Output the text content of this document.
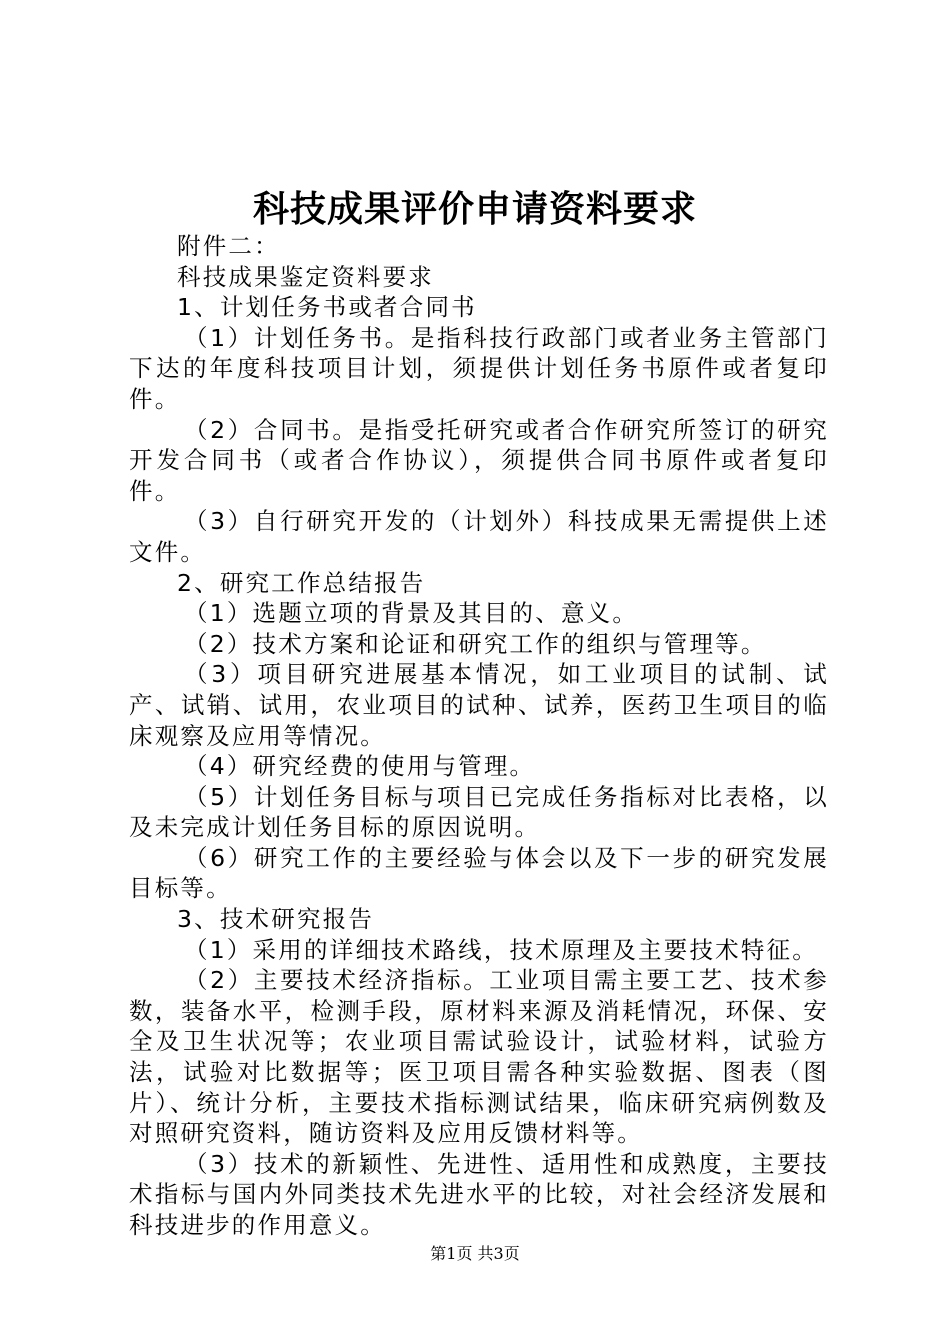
科技成果评价申请资料要求

附件二：

科技成果鉴定资料要求

1、计划任务书或者合同书

（1）计划任务书。是指科技行政部门或者业务主管部门下达的年度科技项目计划，须提供计划任务书原件或者复印件。

（2）合同书。是指受托研究或者合作研究所签订的研究开发合同书（或者合作协议），须提供合同书原件或者复印件。

（3）自行研究开发的（计划外）科技成果无需提供上述文件。

2、研究工作总结报告

（1）选题立项的背景及其目的、意义。

（2）技术方案和论证和研究工作的组织与管理等。

（3）项目研究进展基本情况，如工业项目的试制、试产、试销、试用，农业项目的试种、试养，医药卫生项目的临床观察及应用等情况。

（4）研究经费的使用与管理。

（5）计划任务目标与项目已完成任务指标对比表格，以及未完成计划任务目标的原因说明。

（6）研究工作的主要经验与体会以及下一步的研究发展目标等。

3、技术研究报告

（1）采用的详细技术路线，技术原理及主要技术特征。

（2）主要技术经济指标。工业项目需主要工艺、技术参数，装备水平，检测手段，原材料来源及消耗情况，环保、安全及卫生状况等；农业项目需试验设计，试验材料，试验方法，试验对比数据等；医卫项目需各种实验数据、图表（图片）、统计分析，主要技术指标测试结果，临床研究病例数及对照研究资料，随访资料及应用反馈材料等。

（3）技术的新颖性、先进性、适用性和成熟度，主要技术指标与国内外同类技术先进水平的比较，对社会经济发展和科技进步的作用意义。

第1页 共3页
